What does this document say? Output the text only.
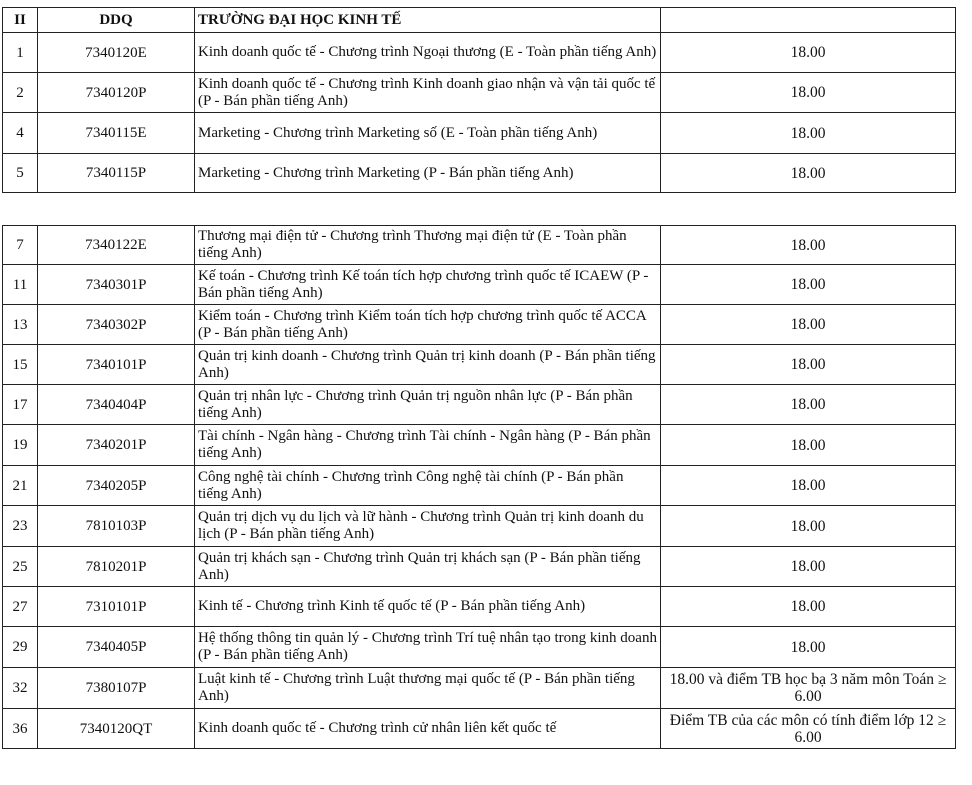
II	DDQ	TRƯỜNG ĐẠI HỌC KINH TẾ	
1	7340120E	Kinh doanh quốc tế - Chương trình Ngoại thương (E - Toàn phần tiếng Anh)	18.00
2	7340120P	Kinh doanh quốc tế - Chương trình Kinh doanh giao nhận và vận tải quốc tế (P - Bán phần tiếng Anh)	18.00
4	7340115E	Marketing - Chương trình Marketing số (E - Toàn phần tiếng Anh)	18.00
5	7340115P	Marketing - Chương trình Marketing (P - Bán phần tiếng Anh)	18.00
7	7340122E	Thương mại điện tử - Chương trình Thương mại điện tử (E - Toàn phần tiếng Anh)	18.00
11	7340301P	Kế toán - Chương trình Kế toán tích hợp chương trình quốc tế ICAEW (P - Bán phần tiếng Anh)	18.00
13	7340302P	Kiểm toán - Chương trình Kiểm toán tích hợp chương trình quốc tế ACCA (P - Bán phần tiếng Anh)	18.00
15	7340101P	Quản trị kinh doanh - Chương trình Quản trị kinh doanh (P - Bán phần tiếng Anh)	18.00
17	7340404P	Quản trị nhân lực - Chương trình Quản trị nguồn nhân lực (P - Bán phần tiếng Anh)	18.00
19	7340201P	Tài chính - Ngân hàng - Chương trình Tài chính - Ngân hàng (P - Bán phần tiếng Anh)	18.00
21	7340205P	Công nghệ tài chính - Chương trình Công nghệ tài chính (P - Bán phần tiếng Anh)	18.00
23	7810103P	Quản trị dịch vụ du lịch và lữ hành - Chương trình Quản trị kinh doanh du lịch (P - Bán phần tiếng Anh)	18.00
25	7810201P	Quản trị khách sạn - Chương trình Quản trị khách sạn (P - Bán phần tiếng Anh)	18.00
27	7310101P	Kinh tế - Chương trình Kinh tế quốc tế (P - Bán phần tiếng Anh)	18.00
29	7340405P	Hệ thống thông tin quản lý - Chương trình Trí tuệ nhân tạo trong kinh doanh (P - Bán phần tiếng Anh)	18.00
32	7380107P	Luật kinh tế - Chương trình Luật thương mại quốc tế (P - Bán phần tiếng Anh)	18.00 và điểm TB học bạ 3 năm môn Toán ≥ 6.00
36	7340120QT	Kinh doanh quốc tế - Chương trình cử nhân liên kết quốc tế	Điểm TB của các môn có tính điểm lớp 12 ≥ 6.00
